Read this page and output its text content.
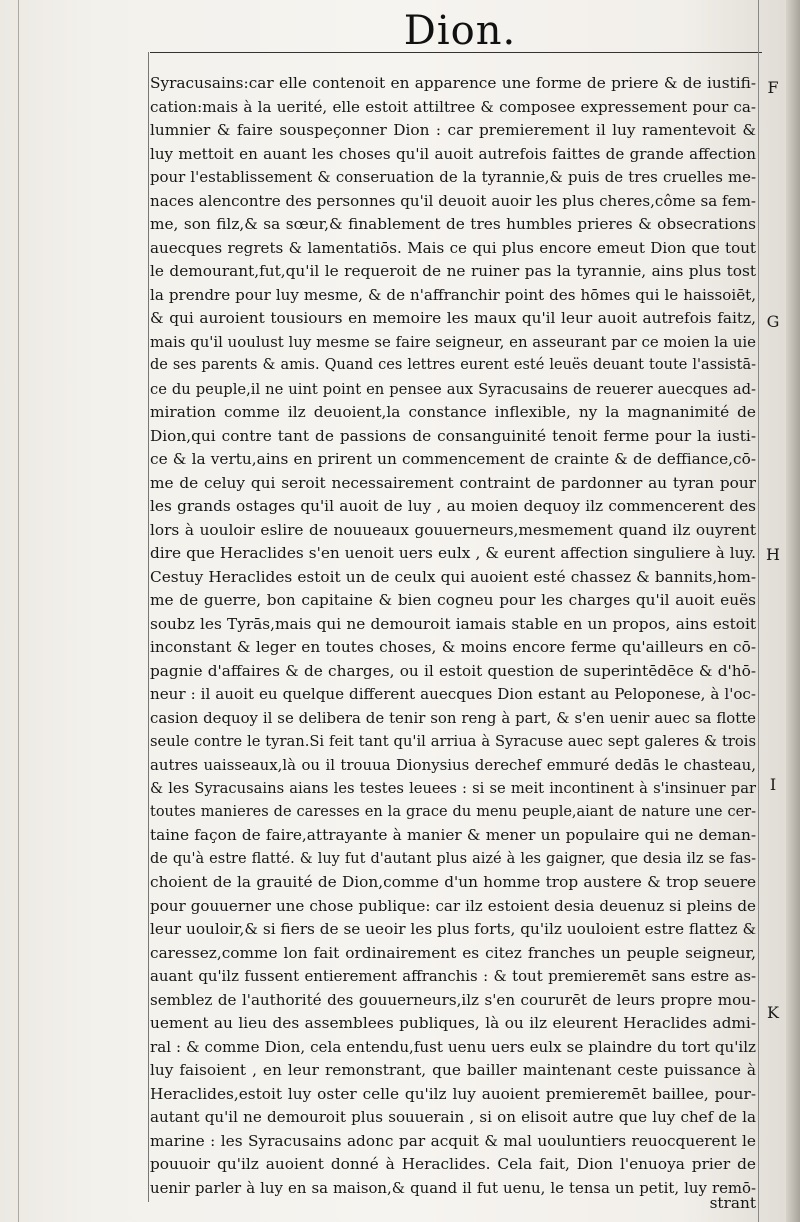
Dion.
Syracusains:car elle contenoit en apparence une forme de priere & de iustifi-
cation:mais à la uerité, elle estoit attiltree & composee expressement pour ca-
lumnier & faire souspeçonner Dion : car premierement il luy ramentevoit &
luy mettoit en auant les choses qu'il auoit autrefois faittes de grande affection
pour l'establissement & conseruation de la tyrannie,& puis de tres cruelles me-
naces alencontre des personnes qu'il deuoit auoir les plus cheres,côme sa fem-
me, son filz,& sa sœur,& finablement de tres humbles prieres & obsecrations
auecques regrets & lamentatiōs. Mais ce qui plus encore emeut Dion que tout
le demourant,fut,qu'il le requeroit de ne ruiner pas la tyrannie, ains plus tost
la prendre pour luy mesme, & de n'affranchir point des hōmes qui le haissoiēt,
& qui auroient tousiours en memoire les maux qu'il leur auoit autrefois faitz,
mais qu'il uoulust luy mesme se faire seigneur, en asseurant par ce moien la uie
de ses parents & amis. Quand ces lettres eurent esté leuës deuant toute l'assistā-
ce du peuple,il ne uint point en pensee aux Syracusains de reuerer auecques ad-
miration comme ilz deuoient,la constance inflexible, ny la magnanimité de
Dion,qui contre tant de passions de consanguinité tenoit ferme pour la iusti-
ce & la vertu,ains en prirent un commencement de crainte & de deffiance,cō-
me de celuy qui seroit necessairement contraint de pardonner au tyran pour
les grands ostages qu'il auoit de luy , au moien dequoy ilz commencerent des
lors à uouloir eslire de nouueaux gouuerneurs,mesmement quand ilz ouyrent
dire que Heraclides s'en uenoit uers eulx , & eurent affection singuliere à luy.
Cestuy Heraclides estoit un de ceulx qui auoient esté chassez & bannits,hom-
me de guerre, bon capitaine & bien cogneu pour les charges qu'il auoit euës
soubz les Tyrās,mais qui ne demouroit iamais stable en un propos, ains estoit
inconstant & leger en toutes choses, & moins encore ferme qu'ailleurs en cō-
pagnie d'affaires & de charges, ou il estoit question de superintēdēce & d'hō-
neur : il auoit eu quelque different auecques Dion estant au Peloponese, à l'oc-
casion dequoy il se delibera de tenir son reng à part, & s'en uenir auec sa flotte
seule contre le tyran.Si feit tant qu'il arriua à Syracuse auec sept galeres & trois
autres uaisseaux,là ou il trouua Dionysius derechef emmuré dedās le chasteau,
& les Syracusains aians les testes leuees : si se meit incontinent à s'insinuer par
toutes manieres de caresses en la grace du menu peuple,aiant de nature une cer-
taine façon de faire,attrayante à manier & mener un populaire qui ne deman-
de qu'à estre flatté. & luy fut d'autant plus aizé à les gaigner, que desia ilz se fas-
choient de la grauité de Dion,comme d'un homme trop austere & trop seuere
pour gouuerner une chose publique: car ilz estoient desia deuenuz si pleins de
leur uouloir,& si fiers de se ueoir les plus forts, qu'ilz uouloient estre flattez &
caressez,comme lon fait ordinairement es citez franches un peuple seigneur,
auant qu'ilz fussent entierement affranchis : & tout premieremēt sans estre as-
semblez de l'authorité des gouuerneurs,ilz s'en coururēt de leurs propre mou-
uement au lieu des assemblees publiques, là ou ilz eleurent Heraclides admi-
ral : & comme Dion, cela entendu,fust uenu uers eulx se plaindre du tort qu'ilz
luy faisoient , en leur remonstrant, que bailler maintenant ceste puissance à
Heraclides,estoit luy oster celle qu'ilz luy auoient premieremēt baillee, pour-
autant qu'il ne demouroit plus souuerain , si on elisoit autre que luy chef de la
marine : les Syracusains adonc par acquit & mal uouluntiers reuocquerent le
pouuoir qu'ilz auoient donné à Heraclides. Cela fait, Dion l'enuoya prier de
uenir parler à luy en sa maison,& quand il fut uenu, le tensa un petit, luy remō-
strant
F
G
H
I
K
